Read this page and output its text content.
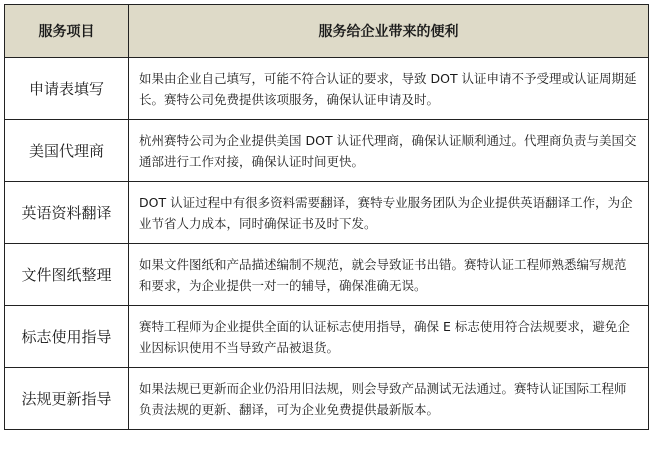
服务项目	服务给企业带来的便利
申请表填写	如果由企业自己填写，可能不符合认证的要求，导致 DOT 认证申请不予受理或认证周期延长。赛特公司免费提供该项服务，确保认证申请及时。
美国代理商	杭州赛特公司为企业提供美国 DOT 认证代理商，确保认证顺利通过。代理商负责与美国交通部进行工作对接，确保认证时间更快。
英语资料翻译	DOT 认证过程中有很多资料需要翻译，赛特专业服务团队为企业提供英语翻译工作，为企业节省人力成本，同时确保证书及时下发。
文件图纸整理	如果文件图纸和产品描述编制不规范，就会导致证书出错。赛特认证工程师熟悉编写规范和要求，为企业提供一对一的辅导，确保准确无误。
标志使用指导	赛特工程师为企业提供全面的认证标志使用指导，确保 E 标志使用符合法规要求，避免企业因标识使用不当导致产品被退货。
法规更新指导	如果法规已更新而企业仍沿用旧法规，则会导致产品测试无法通过。赛特认证国际工程师负责法规的更新、翻译，可为企业免费提供最新版本。
